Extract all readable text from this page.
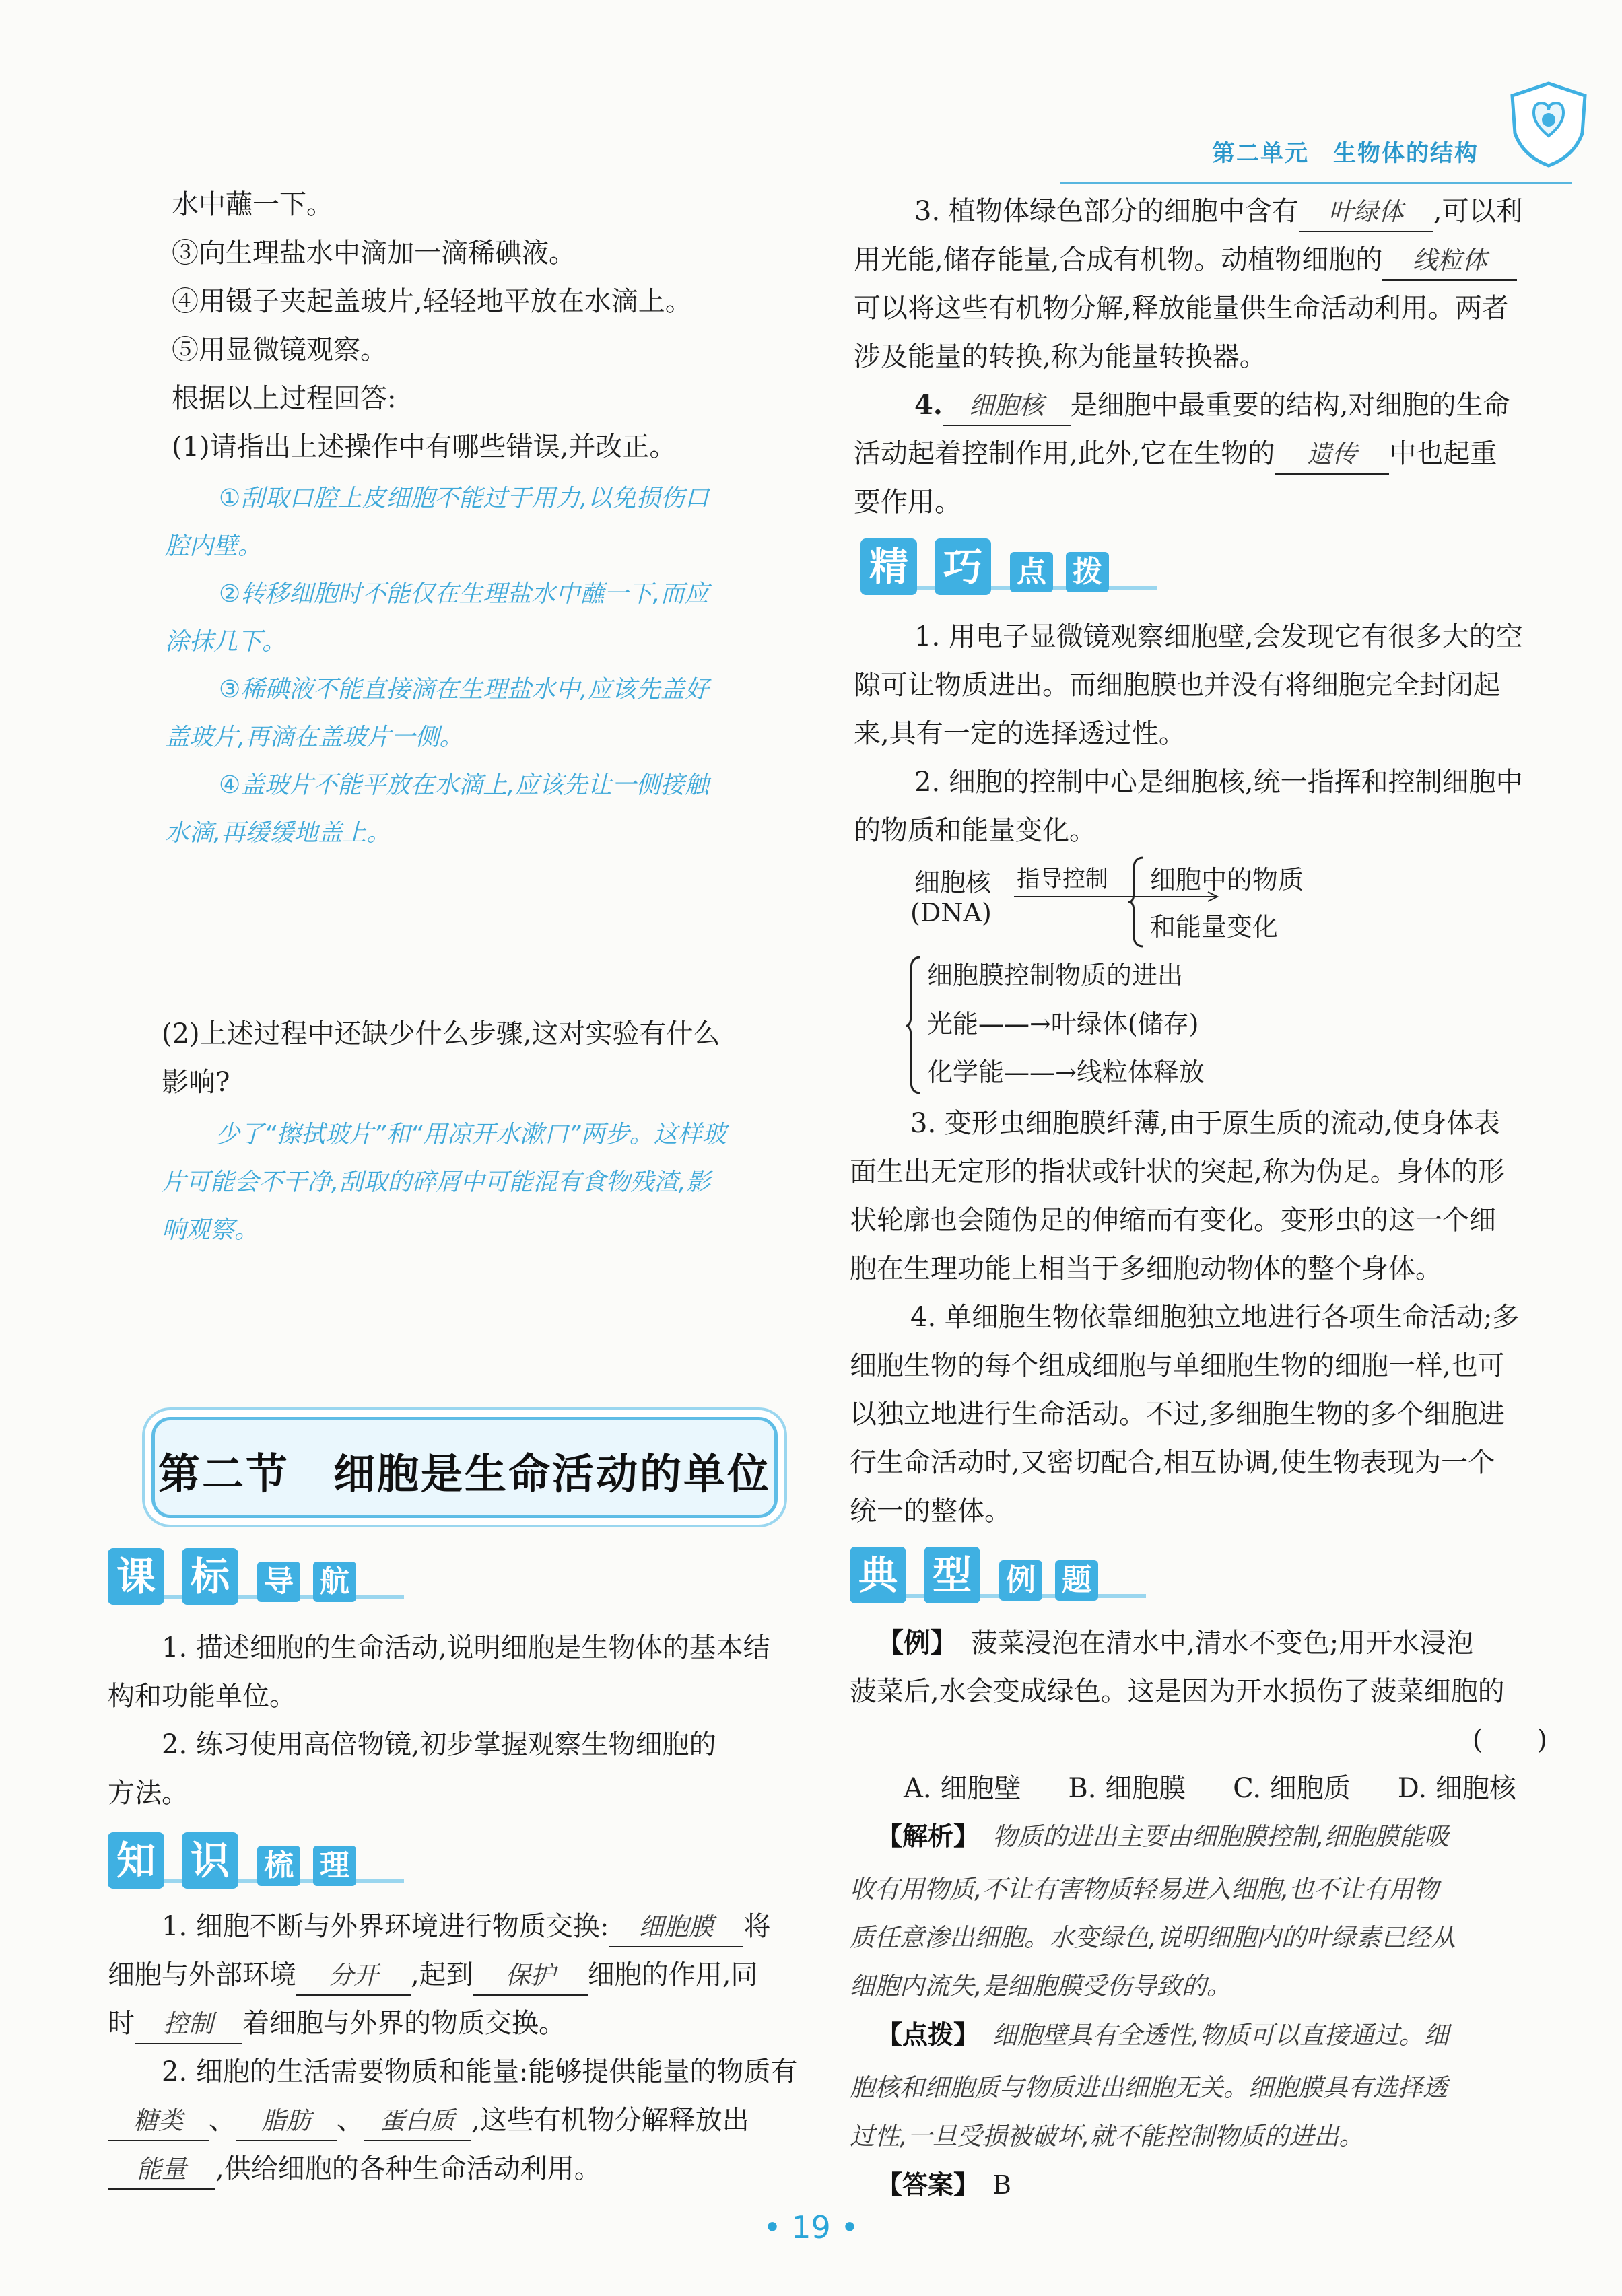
第二单元　生物体的结构
水中蘸一下。
③向生理盐水中滴加一滴稀碘液。
④用镊子夹起盖玻片,轻轻地平放在水滴上。
⑤用显微镜观察。
根据以上过程回答:
(1)请指出上述操作中有哪些错误,并改正。
①刮取口腔上皮细胞不能过于用力,以免损伤口
腔内壁。
②转移细胞时不能仅在生理盐水中蘸一下,而应
涂抹几下。
③稀碘液不能直接滴在生理盐水中,应该先盖好
盖玻片,再滴在盖玻片一侧。
④盖玻片不能平放在水滴上,应该先让一侧接触
水滴,再缓缓地盖上。
(2)上述过程中还缺少什么步骤,这对实验有什么
影响?
少了“擦拭玻片”和“用凉开水漱口”两步。这样玻
片可能会不干净,刮取的碎屑中可能混有食物残渣,影
响观察。
第二节　细胞是生命活动的单位
课 标 导 航
1. 描述细胞的生命活动,说明细胞是生物体的基本结
构和功能单位。
2. 练习使用高倍物镜,初步掌握观察生物细胞的
方法。
知 识 梳 理
1. 细胞不断与外界环境进行物质交换: 细胞膜 将
细胞与外部环境 分开 ,起到 保护 细胞的作用,同
时 控制 着细胞与外界的物质交换。
2. 细胞的生活需要物质和能量:能够提供能量的物质有
糖类 、 脂肪 、 蛋白质 ,这些有机物分解释放出
能量 ,供给细胞的各种生命活动利用。
3. 植物体绿色部分的细胞中含有 叶绿体 ,可以利
用光能,储存能量,合成有机物。动植物细胞的 线粒体
可以将这些有机物分解,释放能量供生命活动利用。两者
涉及能量的转换,称为能量转换器。
4. 细胞核 是细胞中最重要的结构,对细胞的生命
活动起着控制作用,此外,它在生物的 遗传 中也起重
要作用。
精 巧 点 拨
1. 用电子显微镜观察细胞壁,会发现它有很多大的空
隙可让物质进出。而细胞膜也并没有将细胞完全封闭起
来,具有一定的选择透过性。
2. 细胞的控制中心是细胞核,统一指挥和控制细胞中
的物质和能量变化。
细胞核
(DNA)
指导控制 细胞中的物质
和能量变化
细胞膜控制物质的进出
光能——→叶绿体(储存)
化学能——→线粒体释放
3. 变形虫细胞膜纤薄,由于原生质的流动,使身体表
面生出无定形的指状或针状的突起,称为伪足。身体的形
状轮廓也会随伪足的伸缩而有变化。变形虫的这一个细
胞在生理功能上相当于多细胞动物体的整个身体。
4. 单细胞生物依靠细胞独立地进行各项生命活动;多
细胞生物的每个组成细胞与单细胞生物的细胞一样,也可
以独立地进行生命活动。不过,多细胞生物的多个细胞进
行生命活动时,又密切配合,相互协调,使生物表现为一个
统一的整体。
典 型 例 题
【例】 菠菜浸泡在清水中,清水不变色;用开水浸泡
菠菜后,水会变成绿色。这是因为开水损伤了菠菜细胞的
(　　)
A. 细胞壁 B. 细胞膜 C. 细胞质 D. 细胞核
【解析】 物质的进出主要由细胞膜控制,细胞膜能吸
收有用物质,不让有害物质轻易进入细胞,也不让有用物
质任意渗出细胞。水变绿色,说明细胞内的叶绿素已经从
细胞内流失,是细胞膜受伤导致的。
【点拨】 细胞壁具有全透性,物质可以直接通过。细
胞核和细胞质与物质进出细胞无关。细胞膜具有选择透
过性,一旦受损被破坏,就不能控制物质的进出。
【答案】 B
• 19 •
